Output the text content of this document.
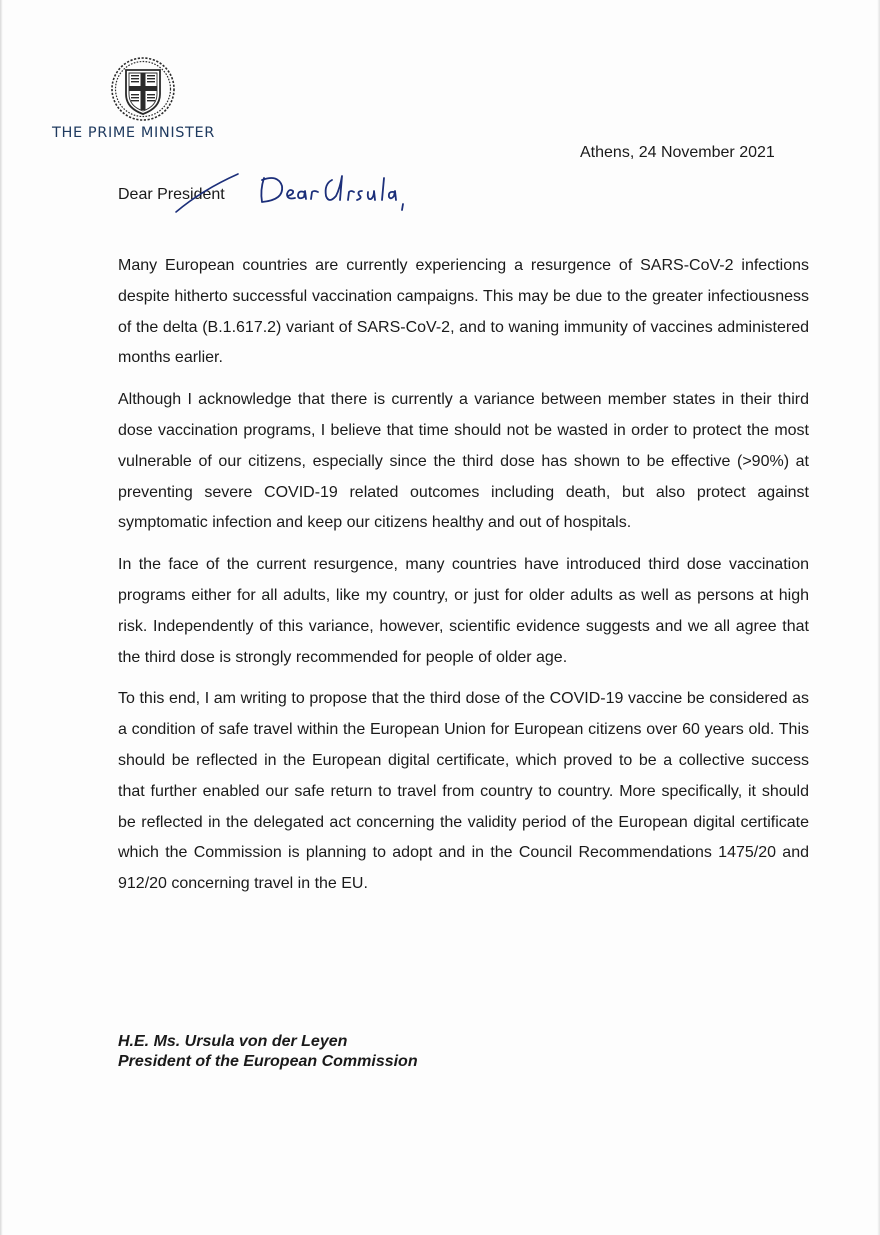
THE PRIME MINISTER
Athens, 24 November 2021
Dear President

Many European countries are currently experiencing a resurgence of SARS-CoV-2 infections despite hitherto successful vaccination campaigns. This may be due to the greater infectiousness of the delta (B.1.617.2) variant of SARS-CoV-2, and to waning immunity of vaccines administered months earlier.

Although I acknowledge that there is currently a variance between member states in their third dose vaccination programs, I believe that time should not be wasted in order to protect the most vulnerable of our citizens, especially since the third dose has shown to be effective (>90%) at preventing severe COVID-19 related outcomes including death, but also protect against symptomatic infection and keep our citizens healthy and out of hospitals.

In the face of the current resurgence, many countries have introduced third dose vaccination programs either for all adults, like my country, or just for older adults as well as persons at high risk. Independently of this variance, however, scientific evidence suggests and we all agree that the third dose is strongly recommended for people of older age.

To this end, I am writing to propose that the third dose of the COVID-19 vaccine be considered as a condition of safe travel within the European Union for European citizens over 60 years old. This should be reflected in the European digital certificate, which proved to be a collective success that further enabled our safe return to travel from country to country. More specifically, it should be reflected in the delegated act concerning the validity period of the European digital certificate which the Commission is planning to adopt and in the Council Recommendations 1475/20 and 912/20 concerning travel in the EU.

H.E. Ms. Ursula von der Leyen
President of the European Commission
